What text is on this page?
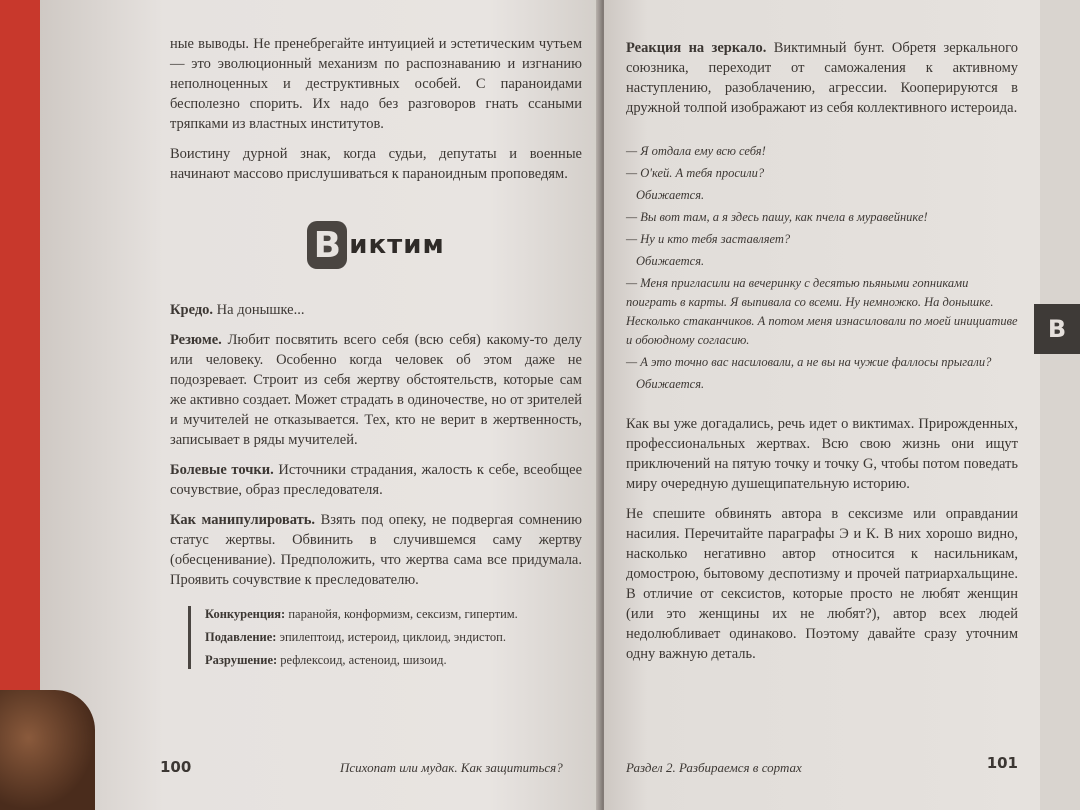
ные выводы. Не пренебрегайте интуицией и эстетическим чутьем — это эволюционный механизм по распознаванию и изгнанию неполноценных и деструктивных особей. С параноидами бесполезно спорить. Их надо без разговоров гнать ссаными тряпками из властных институтов.

Воистину дурной знак, когда судьи, депутаты и военные начинают массово прислушиваться к параноидным проповедям.

В иктим

Кредо. На донышке...

Резюме. Любит посвятить всего себя (всю себя) какому-то делу или человеку. Особенно когда человек об этом даже не подозревает. Строит из себя жертву обстоятельств, которые сам же активно создает. Может страдать в одиночестве, но от зрителей и мучителей не отказывается. Тех, кто не верит в жертвенность, записывает в ряды мучителей.

Болевые точки. Источники страдания, жалость к себе, всеобщее сочувствие, образ преследователя.

Как манипулировать. Взять под опеку, не подвергая сомнению статус жертвы. Обвинить в случившемся саму жертву (обесценивание). Предположить, что жертва сама все придумала. Проявить сочувствие к преследователю.

Конкуренция: паранойя, конформизм, сексизм, гипертим.

Подавление: эпилептоид, истероид, циклоид, эндистоп.

Разрушение: рефлексоид, астеноид, шизоид.

100	Психопат или мудак. Как защититься?

Реакция на зеркало. Виктимный бунт. Обретя зеркального союзника, переходит от саможаления к активному наступлению, разоблачению, агрессии. Кооперируются в дружной толпой изображают из себя коллективного истероида.

— Я отдала ему всю себя!

— О'кей. А тебя просили?

Обижается.

— Вы вот там, а я здесь пашу, как пчела в муравейнике!

— Ну и кто тебя заставляет?

Обижается.

— Меня пригласили на вечеринку с десятью пьяными гопниками поиграть в карты. Я выпивала со всеми. Ну немножко. На донышке. Несколько стаканчиков. А потом меня изнасиловали по моей инициативе и обоюдному согласию.

— А это точно вас насиловали, а не вы на чужие фаллосы прыгали?

Обижается.

Как вы уже догадались, речь идет о виктимах. Прирожденных, профессиональных жертвах. Всю свою жизнь они ищут приключений на пятую точку и точку G, чтобы потом поведать миру очередную душещипательную историю.

Не спешите обвинять автора в сексизме или оправдании насилия. Перечитайте параграфы Э и К. В них хорошо видно, насколько негативно автор относится к насильникам, домострою, бытовому деспотизму и прочей патриархальщине. В отличие от сексистов, которые просто не любят женщин (или это женщины их не любят?), автор всех людей недолюбливает одинаково. Поэтому давайте сразу уточним одну важную деталь.

Раздел 2. Разбираемся в сортах	101
В
